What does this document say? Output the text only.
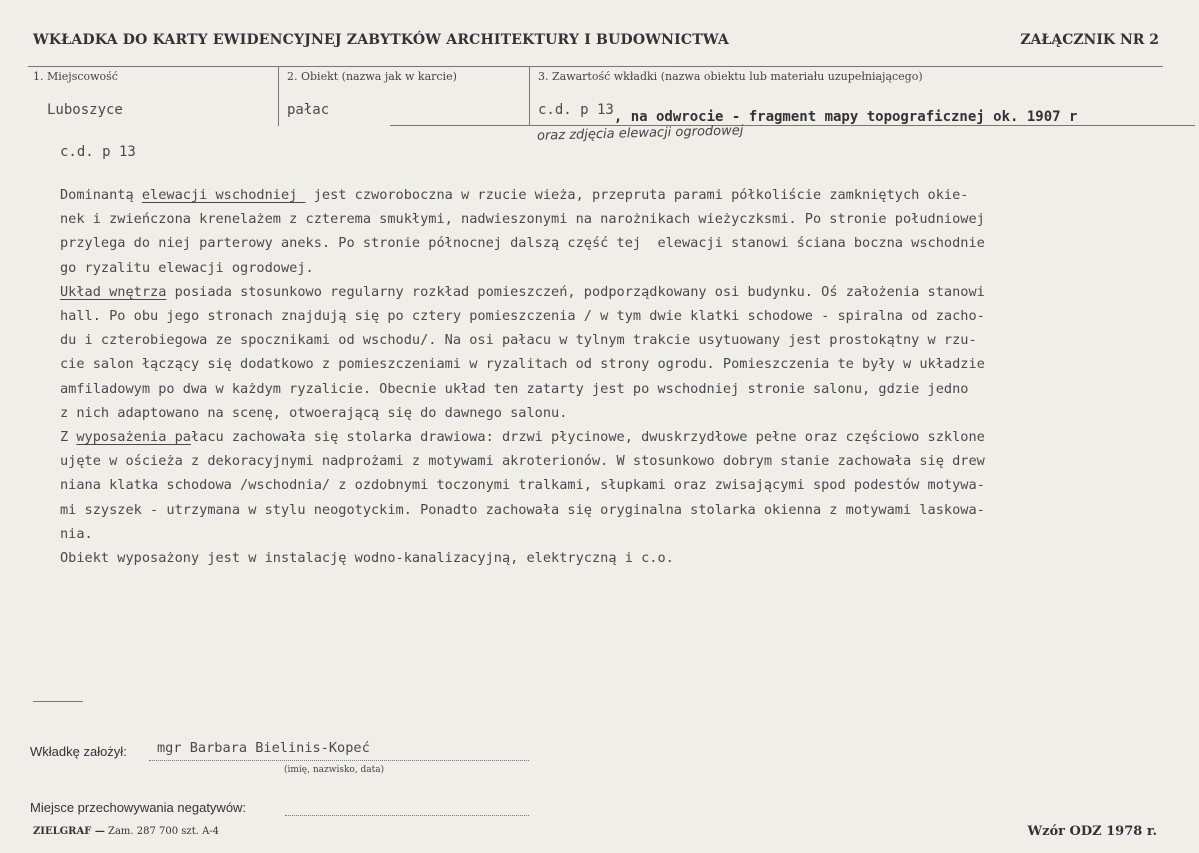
WKŁADKA DO KARTY EWIDENCYJNEJ ZABYTKÓW ARCHITEKTURY I BUDOWNICTWA	ZAŁĄCZNIK NR 2
1. Miejscowość	2. Obiekt (nazwa jak w karcie)	3. Zawartość wkładki (nazwa obiektu lub materiału uzupełniającego)
Luboszyce	pałac	c.d. p 13, na odwrocie - fragment mapy topograficznej ok. 1907 r
oraz zdjęcia elewacji ogrodowej
c.d. p 13
Dominantą elewacji wschodniej  jest czworoboczna w rzucie wieża, przepruta parami półkoliście zamkniętych okie-
nek i zwieńczona krenelażem z czterema smukłymi, nadwieszonymi na narożnikach wieżyczksmi. Po stronie południowej
przylega do niej parterowy aneks. Po stronie północnej dalszą część tej  elewacji stanowi ściana boczna wschodnie
go ryzalitu elewacji ogrodowej.
Układ wnętrza posiada stosunkowo regularny rozkład pomieszczeń, podporządkowany osi budynku. Oś założenia stanowi
hall. Po obu jego stronach znajdują się po cztery pomieszczenia / w tym dwie klatki schodowe - spiralna od zacho-
du i czterobiegowa ze spocznikami od wschodu/. Na osi pałacu w tylnym trakcie usytuowany jest prostokątny w rzu-
cie salon łączący się dodatkowo z pomieszczeniami w ryzalitach od strony ogrodu. Pomieszczenia te były w układzie
amfiladowym po dwa w każdym ryzalicie. Obecnie układ ten zatarty jest po wschodniej stronie salonu, gdzie jedno
z nich adaptowano na scenę, otwoerającą się do dawnego salonu.
Z wyposażenia pałacu zachowała się stolarka drawiowa: drzwi płycinowe, dwuskrzydłowe pełne oraz częściowo szklone
ujęte w ościeża z dekoracyjnymi nadprożami z motywami akroterionów. W stosunkowo dobrym stanie zachowała się drew
niana klatka schodowa /wschodnia/ z ozdobnymi toczonymi tralkami, słupkami oraz zwisającymi spod podestów motywa-
mi szyszek - utrzymana w stylu neogotyckim. Ponadto zachowała się oryginalna stolarka okienna z motywami laskowa-
nia.
Obiekt wyposażony jest w instalację wodno-kanalizacyjną, elektryczną i c.o.
Wkładkę założył: mgr Barbara Bielinis-Kopeć
(imię, nazwisko, data)
Miejsce przechowywania negatywów:
ZIELGRAF — Zam. 287 700 szt. A-4	Wzór ODZ 1978 r.
